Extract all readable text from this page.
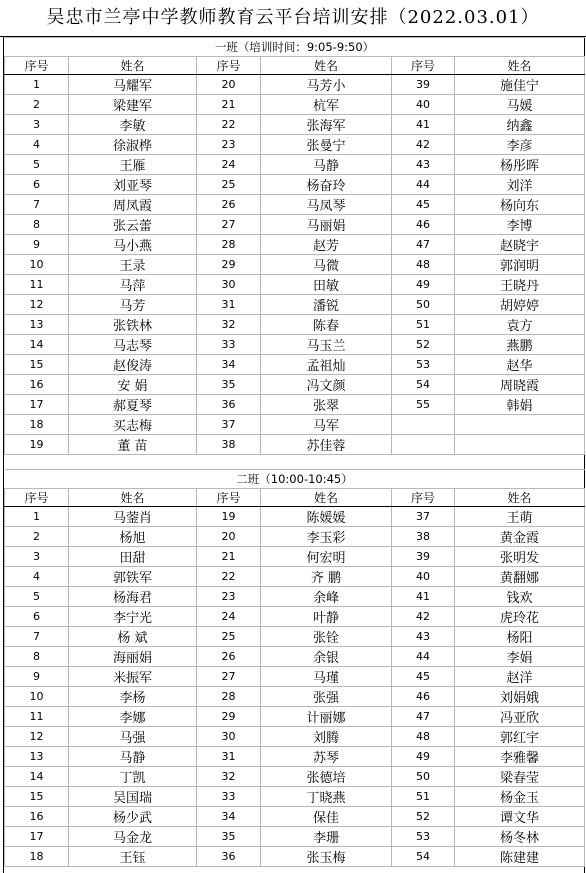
吴忠市兰亭中学教师教育云平台培训安排（2022.03.01）
一班（培训时间：9:05-9:50）					
序号	姓名	序号	姓名	序号	姓名
1	马耀军	20	马芳小	39	施佳宁
2	梁建军	21	杭军	40	马媛
3	李敏	22	张海军	41	纳鑫
4	徐淑桦	23	张曼宁	42	李彦
5	王雁	24	马静	43	杨彤晖
6	刘亚琴	25	杨奋玲	44	刘洋
7	周凤霞	26	马凤琴	45	杨向东
8	张云蕾	27	马丽娟	46	李博
9	马小燕	28	赵芳	47	赵晓宇
10	王录	29	马微	48	郭润明
11	马萍	30	田敏	49	王晓丹
12	马芳	31	潘锐	50	胡婷婷
13	张铁林	32	陈春	51	袁方
14	马志琴	33	马玉兰	52	燕鹏
15	赵俊涛	34	孟祖灿	53	赵华
16	安 娟	35	冯文颜	54	周晓霞
17	郝夏琴	36	张翠	55	韩娟
18	买志梅	37	马军		
19	董 苗	38	苏佳蓉		

二班（10:00-10:45）					
序号	姓名	序号	姓名	序号	姓名
1	马蓥肖	19	陈媛媛	37	王萌
2	杨旭	20	李玉彩	38	黄金霞
3	田甜	21	何宏明	39	张明发
4	郭铁军	22	齐 鹏	40	黄翻娜
5	杨海君	23	余峰	41	钱欢
6	李宁光	24	叶静	42	虎玲花
7	杨 斌	25	张铨	43	杨阳
8	海丽娟	26	余银	44	李娟
9	米振军	27	马瑾	45	赵洋
10	李杨	28	张强	46	刘娟娥
11	李娜	29	计丽娜	47	冯亚欣
12	马强	30	刘腾	48	郭红宇
13	马静	31	苏琴	49	李雅馨
14	丁凯	32	张德培	50	梁春莹
15	吴国瑞	33	丁晓燕	51	杨金玉
16	杨少武	34	保佳	52	谭文华
17	马金龙	35	李珊	53	杨冬林
18	王钰	36	张玉梅	54	陈建建
